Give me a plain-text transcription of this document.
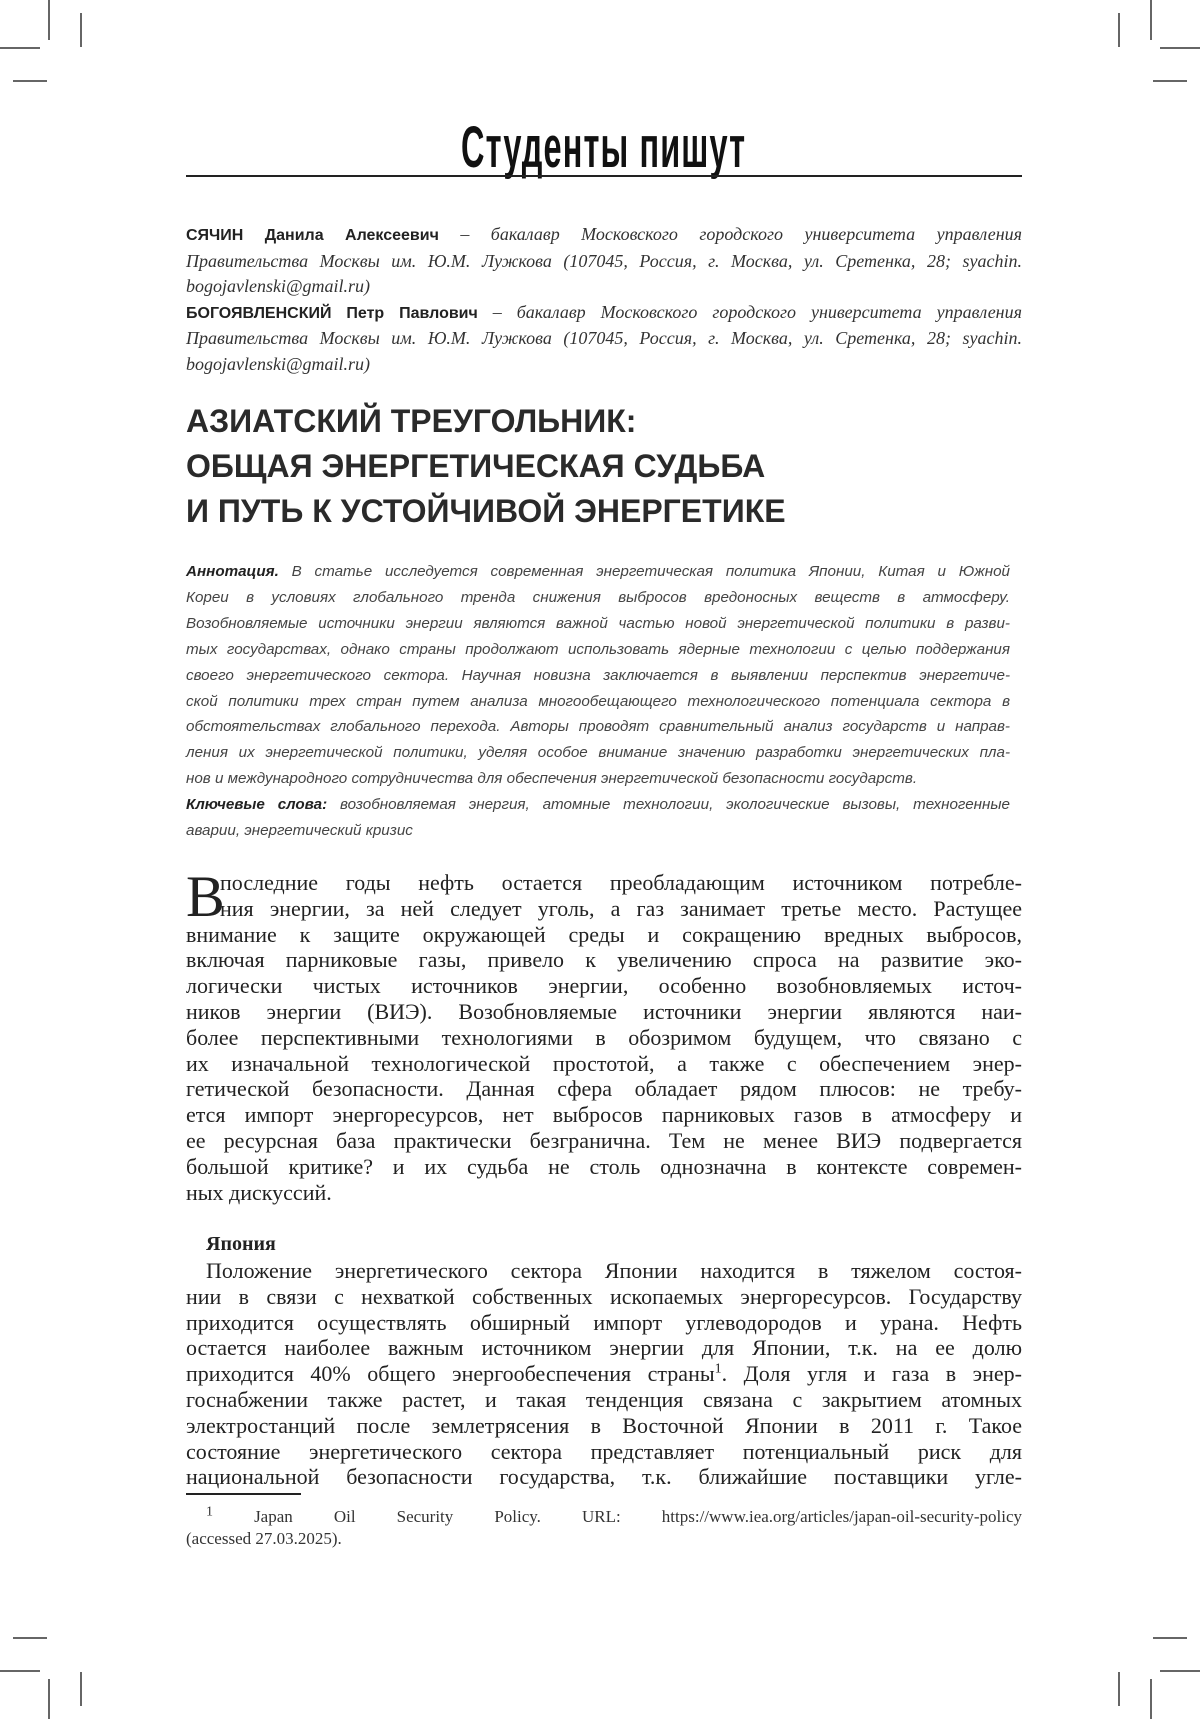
Студенты пишут
СЯЧИН Данила Алексеевич – бакалавр Московского городского университета управления
Правительства Москвы им. Ю.М. Лужкова (107045, Россия, г. Москва, ул. Сретенка, 28; syachin.
bogojavlenski@gmail.ru)
БОГОЯВЛЕНСКИЙ Петр Павлович – бакалавр Московского городского университета управления
Правительства Москвы им. Ю.М. Лужкова (107045, Россия, г. Москва, ул. Сретенка, 28; syachin.
bogojavlenski@gmail.ru)
АЗИАТСКИЙ ТРЕУГОЛЬНИК:
ОБЩАЯ ЭНЕРГЕТИЧЕСКАЯ СУДЬБА
И ПУТЬ К УСТОЙЧИВОЙ ЭНЕРГЕТИКЕ
Аннотация. В статье исследуется современная энергетическая политика Японии, Китая и Южной
Кореи в условиях глобального тренда снижения выбросов вредоносных веществ в атмосферу.
Возобновляемые источники энергии являются важной частью новой энергетической политики в разви-
тых государствах, однако страны продолжают использовать ядерные технологии с целью поддержания
своего энергетического сектора. Научная новизна заключается в выявлении перспектив энергетиче-
ской политики трех стран путем анализа многообещающего технологического потенциала сектора в
обстоятельствах глобального перехода. Авторы проводят сравнительный анализ государств и направ-
ления их энергетической политики, уделяя особое внимание значению разработки энергетических пла-
нов и международного сотрудничества для обеспечения энергетической безопасности государств.
Ключевые слова: возобновляемая энергия, атомные технологии, экологические вызовы, техногенные
аварии, энергетический кризис
В
последние годы нефть остается преобладающим источником потребле-
ния энергии, за ней следует уголь, а газ занимает третье место. Растущее
внимание к защите окружающей среды и сокращению вредных выбросов,
включая парниковые газы, привело к увеличению спроса на развитие эко-
логически чистых источников энергии, особенно возобновляемых источ-
ников энергии (ВИЭ). Возобновляемые источники энергии являются наи-
более перспективными технологиями в обозримом будущем, что связано с
их изначальной технологической простотой, а также с обеспечением энер-
гетической безопасности. Данная сфера обладает рядом плюсов: не требу-
ется импорт энергоресурсов, нет выбросов парниковых газов в атмосферу и
ее ресурсная база практически безгранична. Тем не менее ВИЭ подвергается
большой критике? и их судьба не столь однозначна в контексте современ-
ных дискуссий.
Япония
Положение энергетического сектора Японии находится в тяжелом состоя-
нии в связи с нехваткой собственных ископаемых энергоресурсов. Государству
приходится осуществлять обширный импорт углеводородов и урана. Нефть
остается наиболее важным источником энергии для Японии, т.к. на ее долю
приходится 40% общего энергообеспечения страны1. Доля угля и газа в энер-
госнабжении также растет, и такая тенденция связана с закрытием атомных
электростанций после землетрясения в Восточной Японии в 2011 г. Такое
состояние энергетического сектора представляет потенциальный риск для
национальной безопасности государства, т.к. ближайшие поставщики угле-
1 Japan Oil Security Policy. URL: https://www.iea.org/articles/japan-oil-security-policy
(accessed 27.03.2025).
